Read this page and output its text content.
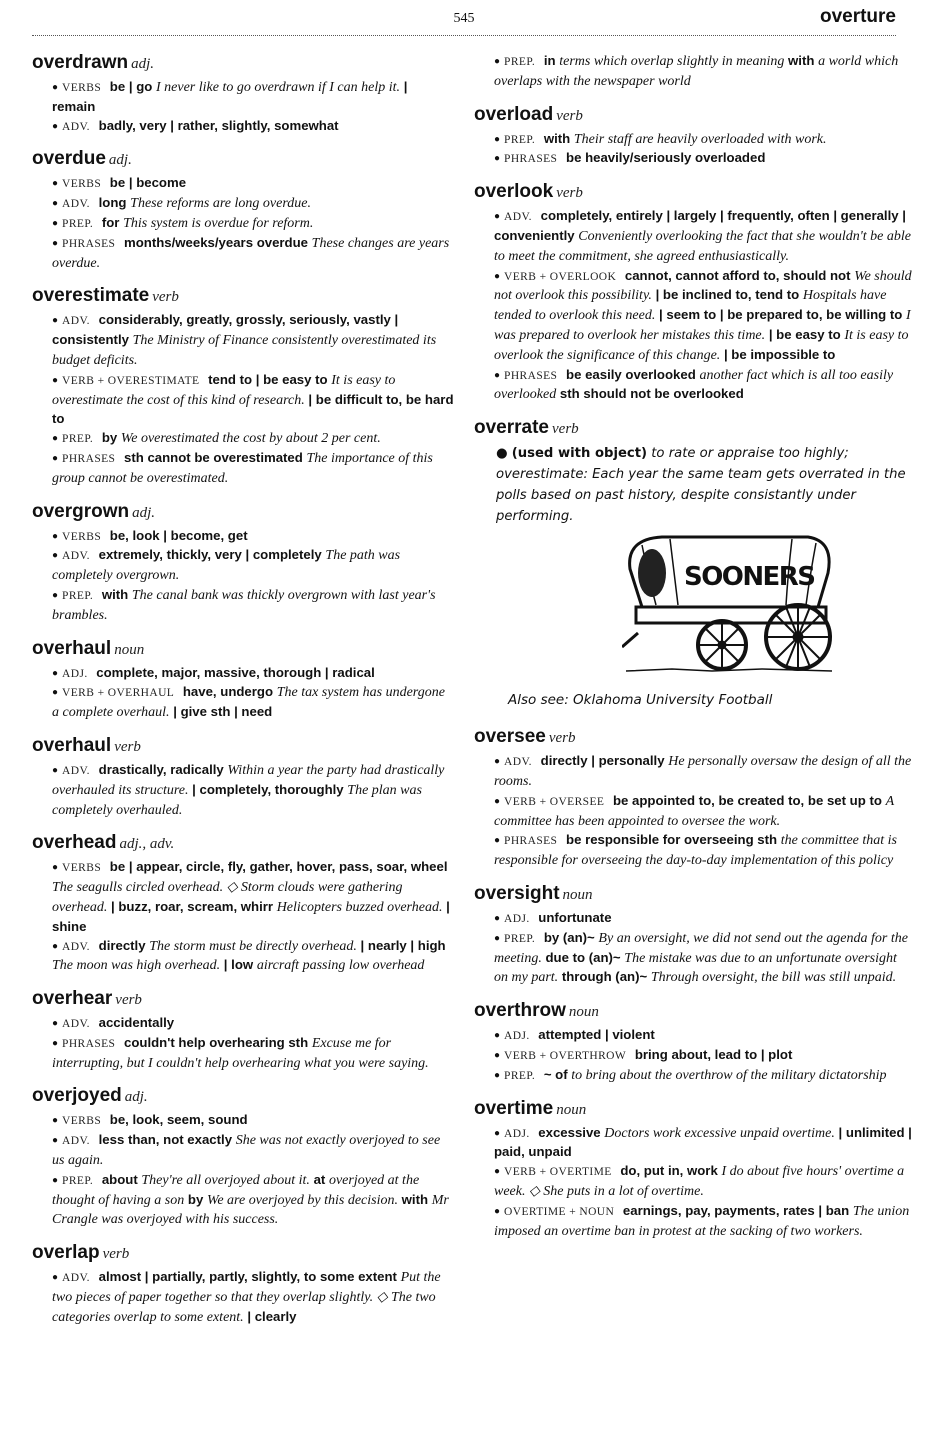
545	overture
overdrawn adj.
● VERBS be | go I never like to go overdrawn if I can help it. | remain
● ADV. badly, very | rather, slightly, somewhat
overdue adj.
● VERBS be | become
● ADV. long These reforms are long overdue.
● PREP. for This system is overdue for reform.
● PHRASES months/weeks/years overdue These changes are years overdue.
overestimate verb
● ADV. considerably, greatly, grossly, seriously, vastly | consistently The Ministry of Finance consistently overestimated its budget deficits.
● VERB + OVERESTIMATE tend to | be easy to It is easy to overestimate the cost of this kind of research. | be difficult to, be hard to
● PREP. by We overestimated the cost by about 2 per cent.
● PHRASES sth cannot be overestimated The importance of this group cannot be overestimated.
overgrown adj.
● VERBS be, look | become, get
● ADV. extremely, thickly, very | completely The path was completely overgrown.
● PREP. with The canal bank was thickly overgrown with last year's brambles.
overhaul noun
● ADJ. complete, major, massive, thorough | radical
● VERB + OVERHAUL have, undergo The tax system has undergone a complete overhaul. | give sth | need
overhaul verb
● ADV. drastically, radically Within a year the party had drastically overhauled its structure. | completely, thoroughly The plan was completely overhauled.
overhead adj., adv.
● VERBS be | appear, circle, fly, gather, hover, pass, soar, wheel The seagulls circled overhead. ◇ Storm clouds were gathering overhead. | buzz, roar, scream, whirr Helicopters buzzed overhead. | shine
● ADV. directly The storm must be directly overhead. | nearly | high The moon was high overhead. | low aircraft passing low overhead
overhear verb
● ADV. accidentally
● PHRASES couldn't help overhearing sth Excuse me for interrupting, but I couldn't help overhearing what you were saying.
overjoyed adj.
● VERBS be, look, seem, sound
● ADV. less than, not exactly She was not exactly overjoyed to see us again.
● PREP. about They're all overjoyed about it. at overjoyed at the thought of having a son by We are overjoyed by this decision. with Mr Crangle was overjoyed with his success.
overlap verb
● ADV. almost | partially, partly, slightly, to some extent Put the two pieces of paper together so that they overlap slightly. ◇ The two categories overlap to some extent. | clearly
● PREP. in terms which overlap slightly in meaning with a world which overlaps with the newspaper world
overload verb
● PREP. with Their staff are heavily overloaded with work.
● PHRASES be heavily/seriously overloaded
overlook verb
● ADV. completely, entirely | largely | frequently, often | generally | conveniently Conveniently overlooking the fact that she wouldn't be able to meet the commitment, she agreed enthusiastically.
● VERB + OVERLOOK cannot, cannot afford to, should not We should not overlook this possibility. | be inclined to, tend to Hospitals have tended to overlook this need. | seem to | be prepared to, be willing to I was prepared to overlook her mistakes this time. | be easy to It is easy to overlook the significance of this change. | be impossible to
● PHRASES be easily overlooked another fact which is all too easily overlooked sth should not be overlooked
overrate verb
● (used with object) to rate or appraise too highly; overestimate: Each year the same team gets overrated in the polls based on past history, despite consistantly under performing.
SOONERS
Also see: Oklahoma University Football
oversee verb
● ADV. directly | personally He personally oversaw the design of all the rooms.
● VERB + OVERSEE be appointed to, be created to, be set up to A committee has been appointed to oversee the work.
● PHRASES be responsible for overseeing sth the committee that is responsible for overseeing the day-to-day implementation of this policy
oversight noun
● ADJ. unfortunate
● PREP. by (an)~ By an oversight, we did not send out the agenda for the meeting. due to (an)~ The mistake was due to an unfortunate oversight on my part. through (an)~ Through oversight, the bill was still unpaid.
overthrow noun
● ADJ. attempted | violent
● VERB + OVERTHROW bring about, lead to | plot
● PREP. ~ of to bring about the overthrow of the military dictatorship
overtime noun
● ADJ. excessive Doctors work excessive unpaid overtime. | unlimited | paid, unpaid
● VERB + OVERTIME do, put in, work I do about five hours' overtime a week. ◇ She puts in a lot of overtime.
● OVERTIME + NOUN earnings, pay, payments, rates | ban The union imposed an overtime ban in protest at the sacking of two workers.
